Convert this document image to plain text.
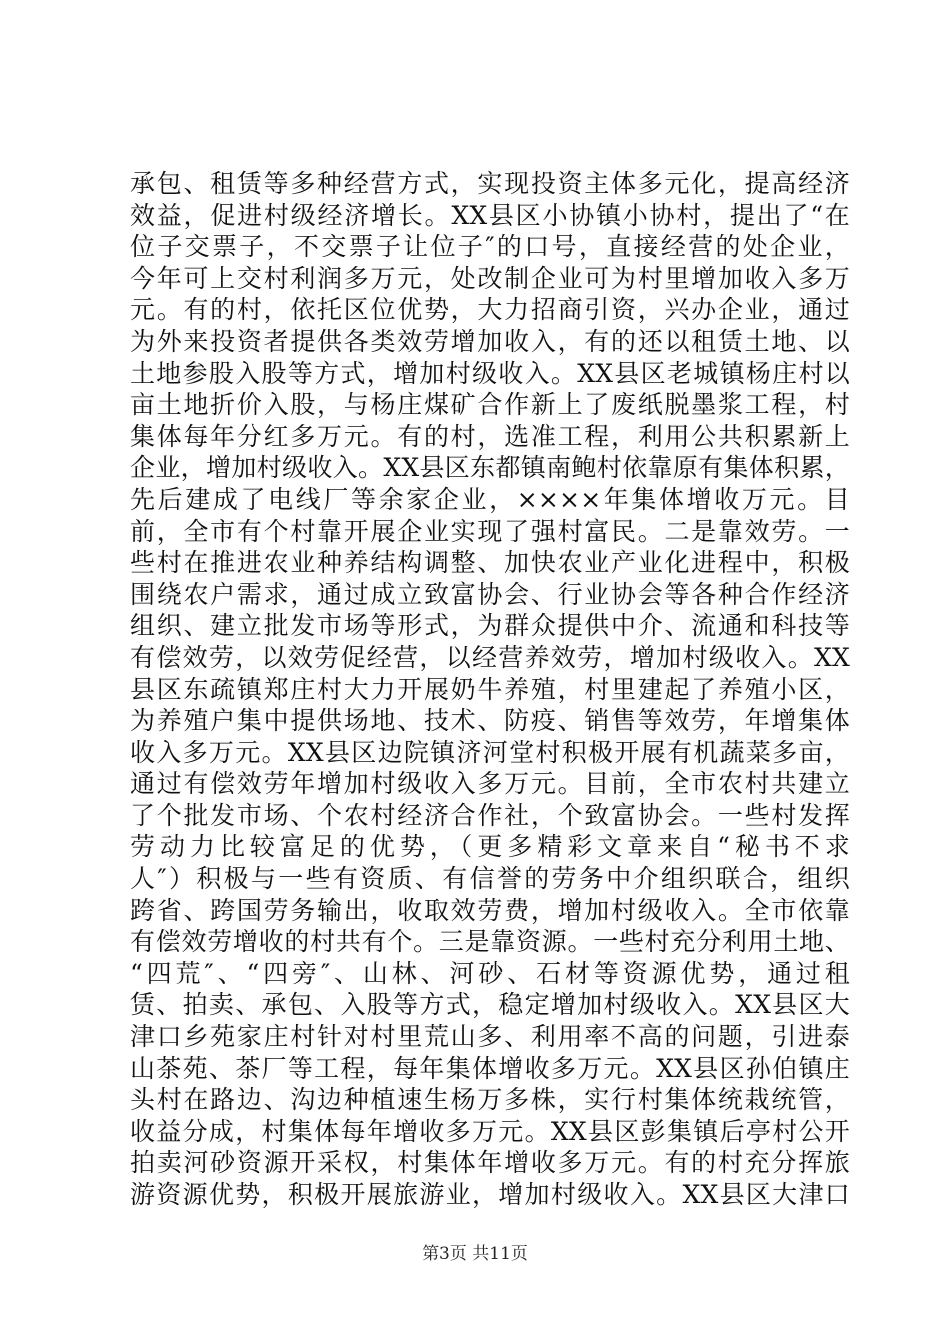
承包、租赁等多种经营方式，实现投资主体多元化，提高经济
效益，促进村级经济增长。XX县区小协镇小协村，提出了“在
位子交票子，不交票子让位子″的口号，直接经营的处企业，
今年可上交村利润多万元，处改制企业可为村里增加收入多万
元。有的村，依托区位优势，大力招商引资，兴办企业，通过
为外来投资者提供各类效劳增加收入，有的还以租赁土地、以
土地参股入股等方式，增加村级收入。XX县区老城镇杨庄村以
亩土地折价入股，与杨庄煤矿合作新上了废纸脱墨浆工程，村
集体每年分红多万元。有的村，选准工程，利用公共积累新上
企业，增加村级收入。XX县区东都镇南鲍村依靠原有集体积累，
先后建成了电线厂等余家企业，××××年集体增收万元。目
前，全市有个村靠开展企业实现了强村富民。二是靠效劳。一
些村在推进农业种养结构调整、加快农业产业化进程中，积极
围绕农户需求，通过成立致富协会、行业协会等各种合作经济
组织、建立批发市场等形式，为群众提供中介、流通和科技等
有偿效劳，以效劳促经营，以经营养效劳，增加村级收入。XX
县区东疏镇郑庄村大力开展奶牛养殖，村里建起了养殖小区，
为养殖户集中提供场地、技术、防疫、销售等效劳，年增集体
收入多万元。XX县区边院镇济河堂村积极开展有机蔬菜多亩，
通过有偿效劳年增加村级收入多万元。目前，全市农村共建立
了个批发市场、个农村经济合作社，个致富协会。一些村发挥
劳动力比较富足的优势，（更多精彩文章来自“秘书不求
人″）积极与一些有资质、有信誉的劳务中介组织联合，组织
跨省、跨国劳务输出，收取效劳费，增加村级收入。全市依靠
有偿效劳增收的村共有个。三是靠资源。一些村充分利用土地、
“四荒″、“四旁″、山林、河砂、石材等资源优势，通过租
赁、拍卖、承包、入股等方式，稳定增加村级收入。XX县区大
津口乡苑家庄村针对村里荒山多、利用率不高的问题，引进泰
山茶苑、茶厂等工程，每年集体增收多万元。XX县区孙伯镇庄
头村在路边、沟边种植速生杨万多株，实行村集体统栽统管，
收益分成，村集体每年增收多万元。XX县区彭集镇后亭村公开
拍卖河砂资源开采权，村集体年增收多万元。有的村充分挥旅
游资源优势，积极开展旅游业，增加村级收入。XX县区大津口
第3页 共11页
